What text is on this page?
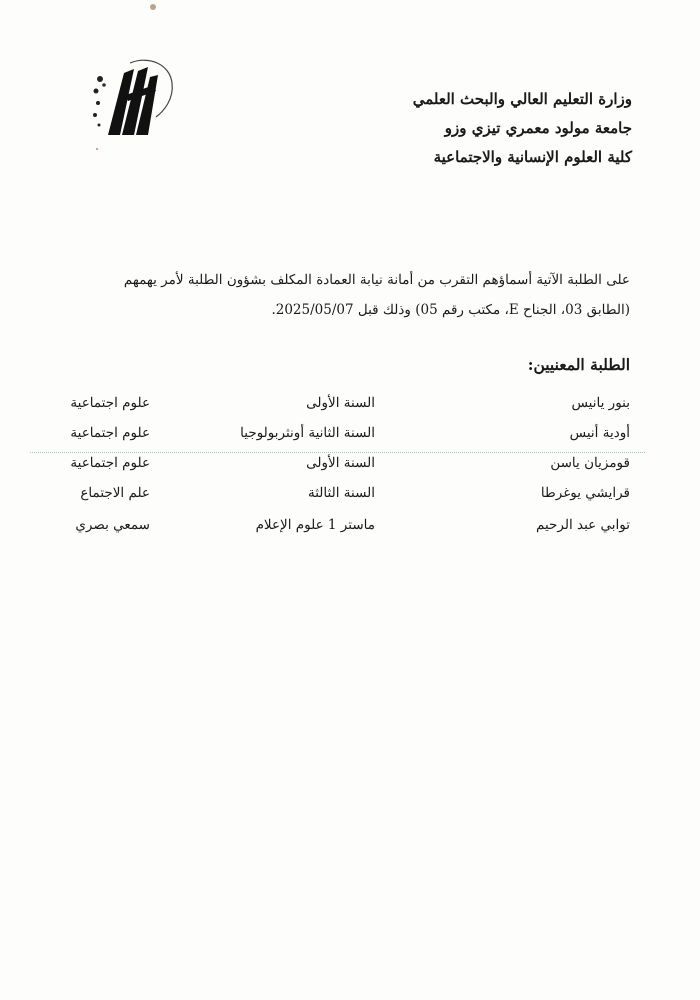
وزارة التعليم العالي والبحث العلمي
جامعة مولود معمري تيزي وزو
كلية العلوم الإنسانية والاجتماعية
على الطلبة الآتية أسماؤهم التقرب من أمانة نيابة العمادة المكلف بشؤون الطلبة لأمر يهمهم
(الطابق 03، الجناح E، مكتب رقم 05) وذلك قبل 2025/05/07.
الطلبة المعنيين:
بنور يانيس
السنة الأولى
علوم اجتماعية
أودية أنيس
السنة الثانية أونثربولوجيا
علوم اجتماعية
قومزيان ياسن
السنة الأولى
علوم اجتماعية
قرايشي يوغرطا
السنة الثالثة
علم الاجتماع
توابي عبد الرحيم
ماستر 1 علوم الإعلام
سمعي بصري
